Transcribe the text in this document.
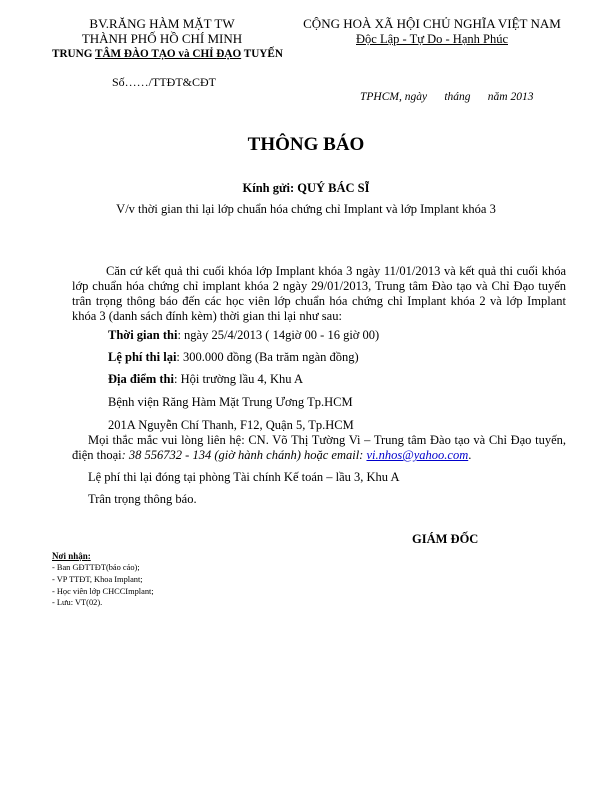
BV.RĂNG HÀM MẶT TW
THÀNH PHỐ HỒ CHÍ MINH
TRUNG TÂM ĐÀO TẠO và CHỈ ĐẠO TUYẾN
Số……/TTĐT&CĐT
CỘNG HOÀ XÃ HỘI CHỦ NGHĨA VIỆT NAM
Độc Lập - Tự Do - Hạnh Phúc
TPHCM, ngày      tháng      năm 2013
THÔNG BÁO
Kính gửi: QUÝ BÁC SĨ
V/v thời gian thi lại lớp chuẩn hóa chứng chỉ Implant và lớp Implant khóa 3
Căn cứ kết quả thi cuối khóa lớp Implant khóa 3 ngày 11/01/2013 và kết quả thi cuối khóa lớp chuẩn hóa chứng chỉ implant khóa 2 ngày 29/01/2013, Trung tâm Đào tạo và Chỉ Đạo tuyến trân trọng thông báo đến các học viên lớp chuẩn hóa chứng chỉ Implant khóa 2 và lớp Implant khóa 3 (danh sách đính kèm) thời gian thi lại như sau:
Thời gian thi: ngày 25/4/2013 ( 14giờ 00 - 16 giờ 00)
Lệ phí thi lại: 300.000 đồng (Ba trăm ngàn đồng)
Địa điểm thi: Hội trường lầu 4, Khu A
Bệnh viện Răng Hàm Mặt Trung Ương Tp.HCM
201A Nguyễn Chí Thanh, F12, Quận 5, Tp.HCM
Mọi thắc mắc vui lòng liên hệ: CN. Võ Thị Tường Vi – Trung tâm Đào tạo và Chỉ Đạo tuyến, điện thoại: 38 556732 - 134 (giờ hành chánh) hoặc email: vi.nhos@yahoo.com.
Lệ phí thi lại đóng tại phòng Tài chính Kế toán – lầu 3, Khu A
Trân trọng thông báo.
GIÁM ĐỐC
Nơi nhận:
- Ban GĐTTĐT(báo cáo);
- VP TTĐT, Khoa Implant;
- Học viên lớp CHCCImplant;
- Lưu: VT(02).
